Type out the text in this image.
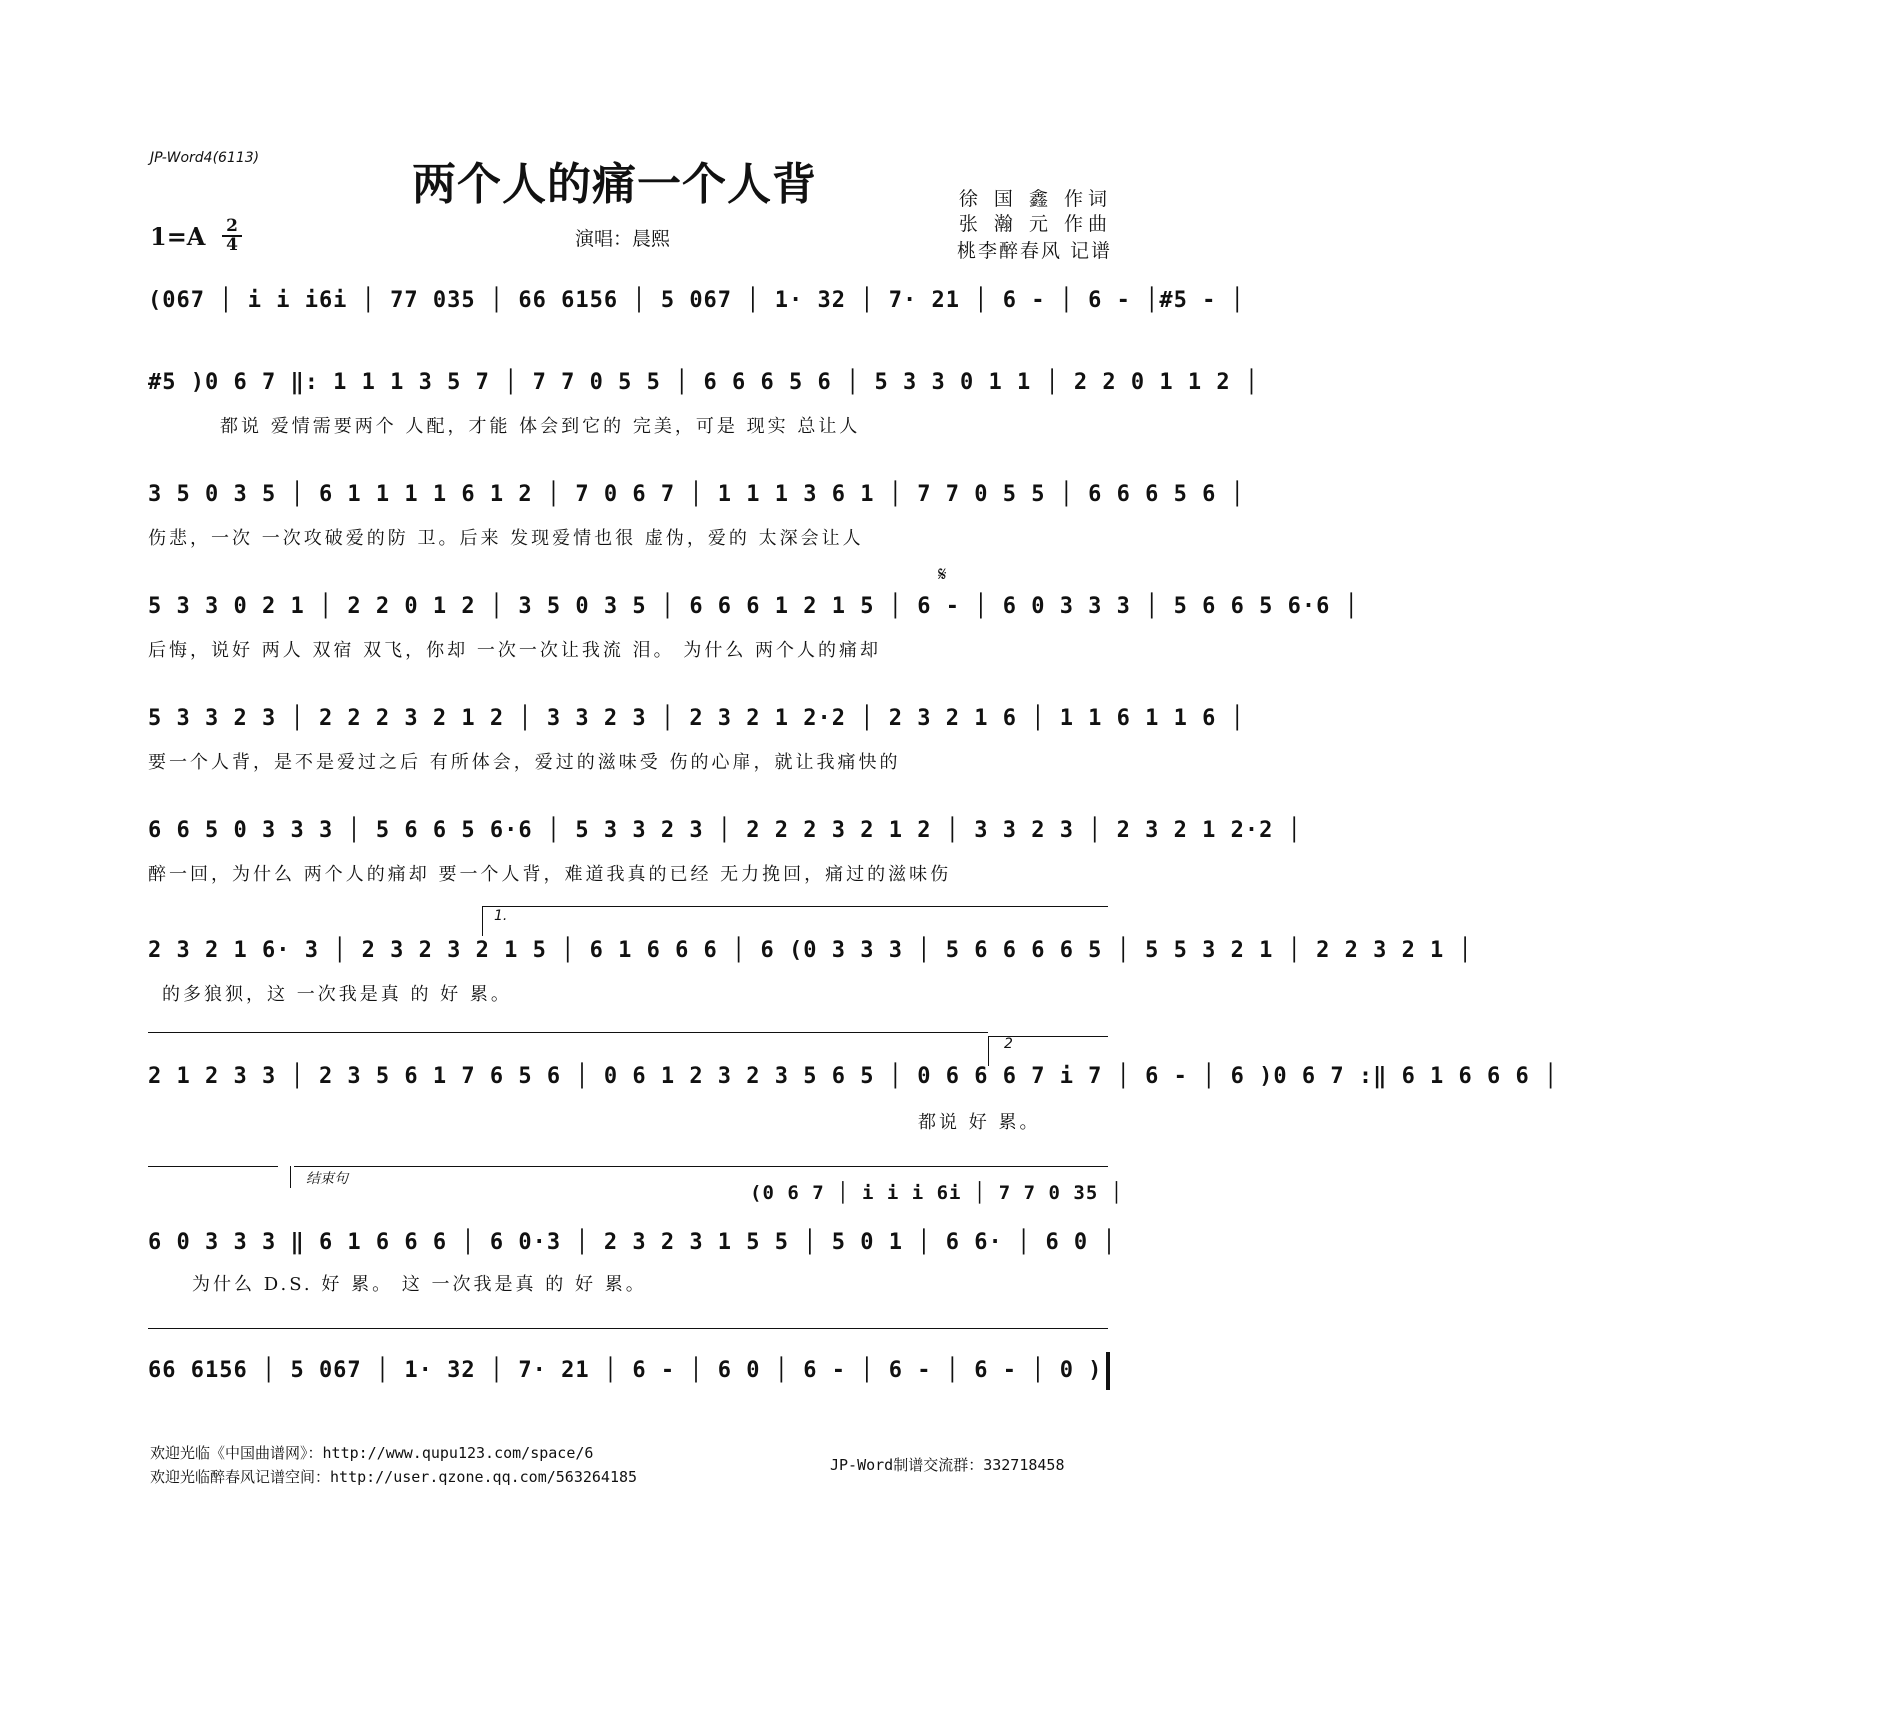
JP-Word4(6113)
两个人的痛一个人背
1=A 2
4	演唱：晨熙
徐 国 鑫 作词
张 瀚 元 作曲
桃李醉春风 记谱
(067 │ i i i6i │ 77 035 │ 66 6156 │ 5 067 │ 1· 32 │ 7· 21 │ 6 - │ 6 - │#5 - │
#5 )0 6 7 ‖: 1 1 1 3 5 7 │ 7 7 0 5 5 │ 6 6 6 5 6 │ 5 3 3 0 1 1 │ 2 2 0 1 1 2 │
都说 爱情需要两个 人配，才能 体会到它的 完美，可是 现实 总让人
3 5 0 3 5 │ 6 1 1 1 1 6 1 2 │ 7 0 6 7 │ 1 1 1 3 6 1 │ 7 7 0 5 5 │ 6 6 6 5 6 │
伤悲，一次 一次攻破爱的防 卫。后来 发现爱情也很 虚伪，爱的 太深会让人
𝄋
5 3 3 0 2 1 │ 2 2 0 1 2 │ 3 5 0 3 5 │ 6 6 6 1 2 1 5 │ 6 - │ 6 0 3 3 3 │ 5 6 6 5 6·6 │
后悔，说好 两人 双宿 双飞，你却 一次一次让我流 泪。 为什么 两个人的痛却
5 3 3 2 3 │ 2 2 2 3 2 1 2 │ 3 3 2 3 │ 2 3 2 1 2·2 │ 2 3 2 1 6 │ 1 1 6 1 1 6 │
要一个人背，是不是爱过之后 有所体会，爱过的滋味受 伤的心扉，就让我痛快的
6 6 5 0 3 3 3 │ 5 6 6 5 6·6 │ 5 3 3 2 3 │ 2 2 2 3 2 1 2 │ 3 3 2 3 │ 2 3 2 1 2·2 │
醉一回，为什么 两个人的痛却 要一个人背，难道我真的已经 无力挽回，痛过的滋味伤
1.
2 3 2 1 6· 3 │ 2 3 2 3 2 1 5 │ 6 1 6 6 6 │ 6 (0 3 3 3 │ 5 6 6 6 6 5 │ 5 5 3 2 1 │ 2 2 3 2 1 │
的多狼狈，这 一次我是真 的 好 累。
2
2 1 2 3 3 │ 2 3 5 6 1 7 6 5 6 │ 0 6 1 2 3 2 3 5 6 5 │ 0 6 6 6 7 i 7 │ 6 - │ 6 )0 6 7 :‖ 6 1 6 6 6 │
都说 好 累。
结束句
(0 6 7 │ i i i 6i │ 7 7 0 35 │
6 0 3 3 3 ‖ 6 1 6 6 6 │ 6 0·3 │ 2 3 2 3 1 5 5 │ 5 0 1 │ 6 6· │ 6 0 │
为什么 D.S. 好 累。 这 一次我是真 的 好 累。
66 6156 │ 5 067 │ 1· 32 │ 7· 21 │ 6 - │ 6 0 │ 6 - │ 6 - │ 6 - │ 0 )
欢迎光临《中国曲谱网》：http://www.qupu123.com/space/6
欢迎光临醉春风记谱空间：http://user.qzone.qq.com/563264185
JP-Word制谱交流群：332718458
